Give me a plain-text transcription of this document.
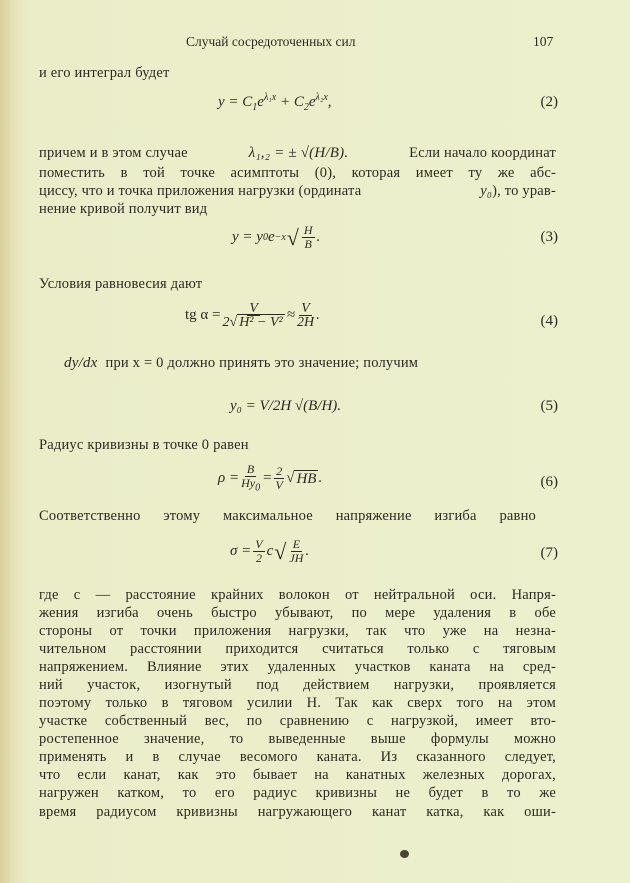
Случай сосредоточенных сил	107
и его интеграл будет
$y = C_1e^{\lambda_1x} + C_2e^{\lambda_2x}$,	(2)
причем и в этом случае	λ₁,₂ = ± √(H/B).	Если начало координат
поместить в той точке асимптоты (0), которая имеет ту же абс-
циссу, что и точка приложения нагрузки (ордината	y₀), то урав-
нение кривой получит вид
y = y 0 e −x √ $\frac{H}{B}$ .	(3)
Условия равновесия дают
tg $\alpha = \frac{V}{\text{2√ H² − V²}} \approx \frac{V}{2H}$ .	(4)
dy/dx при x = 0 должно принять это значение; получим
y₀ = V/2H √(B/H).	(5)
Радиус кривизны в точке 0 равен
$\rho = \frac{B}{Hy_0} = \frac{2}{V}$ √ HB .	(6)
Соответственно этому максимальное напряжение изгиба равно
$\sigma = \frac{V}{2}$ c √ $\frac{E}{JH}$ .	(7)
где c — расстояние крайних волокон от нейтральной оси. Напря-
жения изгиба очень быстро убывают, по мере удаления в обе
стороны от точки приложения нагрузки, так что уже на незна-
чительном расстоянии приходится считаться только с тяговым
напряжением. Влияние этих удаленных участков каната на сред-
ний участок, изогнутый под действием нагрузки, проявляется
поэтому только в тяговом усилии H. Так как сверх того на этом
участке собственный вес, по сравнению с нагрузкой, имеет вто-
ростепенное значение, то выведенные выше формулы можно
применять и в случае весомого каната. Из сказанного следует,
что если канат, как это бывает на канатных железных дорогах,
нагружен катком, то его радиус кривизны не будет в то же
время радиусом кривизны нагружающего канат катка, как оши-
